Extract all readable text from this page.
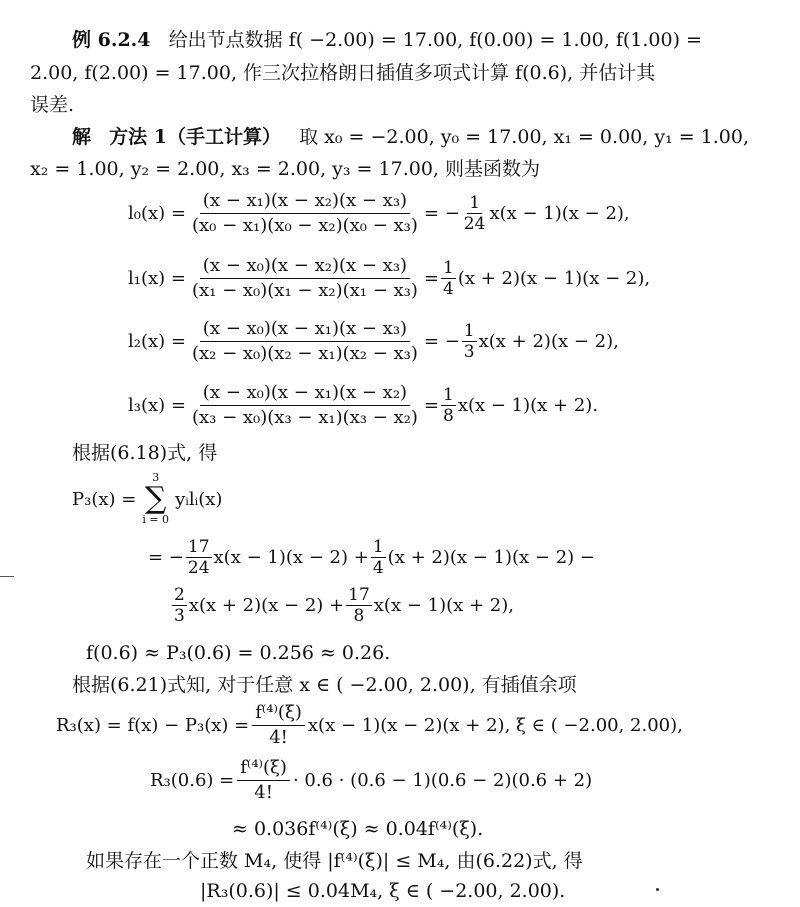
例 6.2.4 给出节点数据 f( −2.00) = 17.00, f(0.00) = 1.00, f(1.00) =
2.00, f(2.00) = 17.00, 作三次拉格朗日插值多项式计算 f(0.6), 并估计其
误差.
解 方法 1（手工计算） 取 x₀ = −2.00, y₀ = 17.00, x₁ = 0.00, y₁ = 1.00,
x₂ = 1.00, y₂ = 2.00, x₃ = 2.00, y₃ = 17.00, 则基函数为
$l_0(x) = \frac{\text{(x − x₁)(x − x₂)(x − x₃)}}{\text{(x₀ − x₁)(x₀ − x₂)(x₀ − x₃)}}$ = − $\frac{1}{24} x(x - 1)(x - 2)$,
$l_1(x) = \frac{\text{(x − x₀)(x − x₂)(x − x₃)}}{\text{(x₁ − x₀)(x₁ − x₂)(x₁ − x₃)}} = \frac{1}{4} (x + 2)(x - 1)(x - 2)$,
$l_2(x) = \frac{\text{(x − x₀)(x − x₁)(x − x₃)}}{\text{(x₂ − x₀)(x₂ − x₁)(x₂ − x₃)}}$ = − $\frac{1}{3} x(x + 2)(x - 2)$,
$l_3(x) = \frac{\text{(x − x₀)(x − x₁)(x − x₂)}}{\text{(x₃ − x₀)(x₃ − x₁)(x₃ − x₂)}} = \frac{1}{8} x(x - 1)(x + 2)$.
根据(6.18)式, 得
P₃(x) =
3
∑
i = 0
yᵢlᵢ(x)
= − $\frac{17}{24} x(x - 1)(x - 2) + \frac{1}{4} (x + 2)(x - 1)(x - 2)$ −
$\frac{2}{3} x(x + 2)(x - 2) + \frac{17}{8} x(x - 1)(x + 2)$,
f(0.6) ≈ P₃(0.6) = 0.256 ≈ 0.26.
根据(6.21)式知, 对于任意 x ∈ ( −2.00, 2.00), 有插值余项
$R_3(x) = f(x) - P_3(x) = \frac{\text{f⁽⁴⁾(ξ)}}{4!} x(x - 1)(x - 2)(x + 2)$, ξ ∈ ( −2.00, 2.00),
$R_3(0.6) = \frac{\text{f⁽⁴⁾(ξ)}}{4!} \cdot 0.6 \cdot (0.6 - 1)(0.6 - 2)(0.6 + 2)$
≈ 0.036f⁽⁴⁾(ξ) ≈ 0.04f⁽⁴⁾(ξ).
如果存在一个正数 M₄, 使得 |f⁽⁴⁾(ξ)| ≤ M₄, 由(6.22)式, 得
|R₃(0.6)| ≤ 0.04M₄, ξ ∈ ( −2.00, 2.00).
